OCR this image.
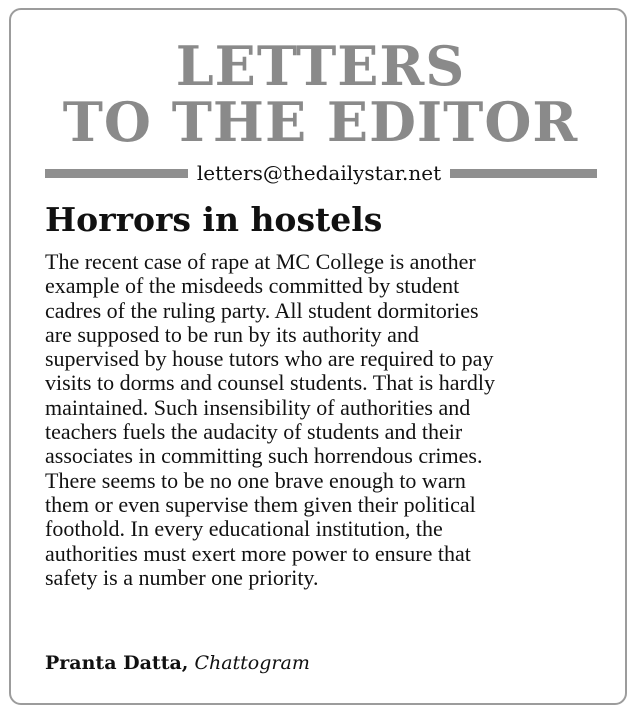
LETTERS
TO THE EDITOR
letters@thedailystar.net
Horrors in hostels
The recent case of rape at MC College is another
example of the misdeeds committed by student
cadres of the ruling party. All student dormitories
are supposed to be run by its authority and
supervised by house tutors who are required to pay
visits to dorms and counsel students. That is hardly
maintained. Such insensibility of authorities and
teachers fuels the audacity of students and their
associates in committing such horrendous crimes.
There seems to be no one brave enough to warn
them or even supervise them given their political
foothold. In every educational institution, the
authorities must exert more power to ensure that
safety is a number one priority.
Pranta Datta, Chattogram
